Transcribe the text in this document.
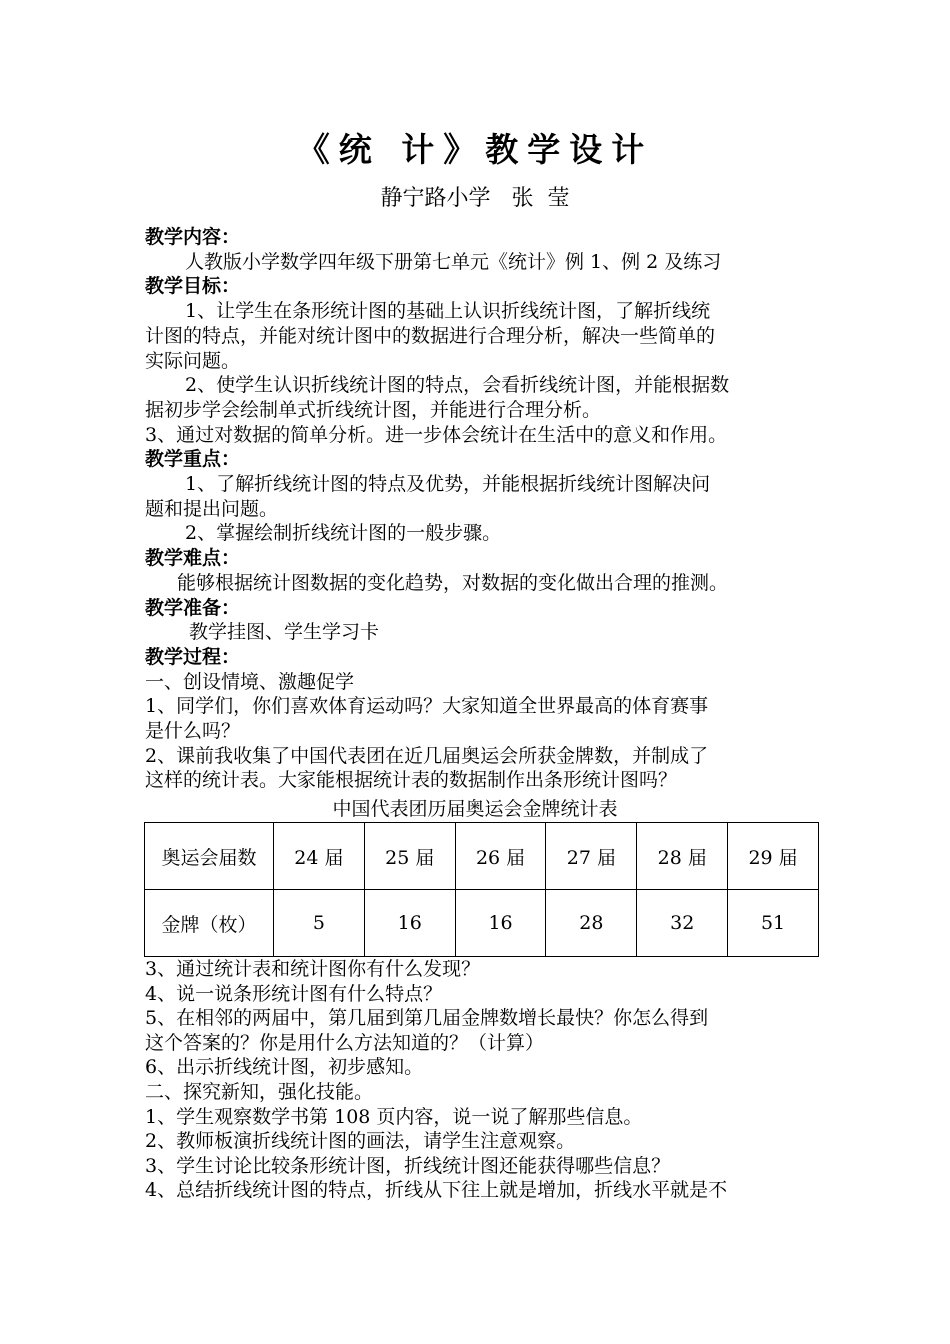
《统 计》教学设计
静宁路小学   张  莹
教学内容：
人教版小学数学四年级下册第七单元《统计》例 1、例 2 及练习
教学目标：
1、让学生在条形统计图的基础上认识折线统计图，了解折线统
计图的特点，并能对统计图中的数据进行合理分析，解决一些简单的
实际问题。
2、使学生认识折线统计图的特点，会看折线统计图，并能根据数
据初步学会绘制单式折线统计图，并能进行合理分析。
3、通过对数据的简单分析。进一步体会统计在生活中的意义和作用。
教学重点：
1、了解折线统计图的特点及优势，并能根据折线统计图解决问
题和提出问题。
2、掌握绘制折线统计图的一般步骤。
教学难点：
能够根据统计图数据的变化趋势，对数据的变化做出合理的推测。
教学准备：
教学挂图、学生学习卡
教学过程：
一、创设情境、激趣促学
1、同学们，你们喜欢体育运动吗？大家知道全世界最高的体育赛事
是什么吗？
2、课前我收集了中国代表团在近几届奥运会所获金牌数，并制成了
这样的统计表。大家能根据统计表的数据制作出条形统计图吗？
中国代表团历届奥运会金牌统计表
奥运会届数	24 届	25 届	26 届	27 届	28 届	29 届
金牌（枚）	5	16	16	28	32	51
3、通过统计表和统计图你有什么发现？
4、说一说条形统计图有什么特点？
5、在相邻的两届中，第几届到第几届金牌数增长最快？你怎么得到
这个答案的？你是用什么方法知道的？（计算）
6、出示折线统计图，初步感知。
二、探究新知，强化技能。
1、学生观察数学书第 108 页内容，说一说了解那些信息。
2、教师板演折线统计图的画法，请学生注意观察。
3、学生讨论比较条形统计图，折线统计图还能获得哪些信息？
4、总结折线统计图的特点，折线从下往上就是增加，折线水平就是不
